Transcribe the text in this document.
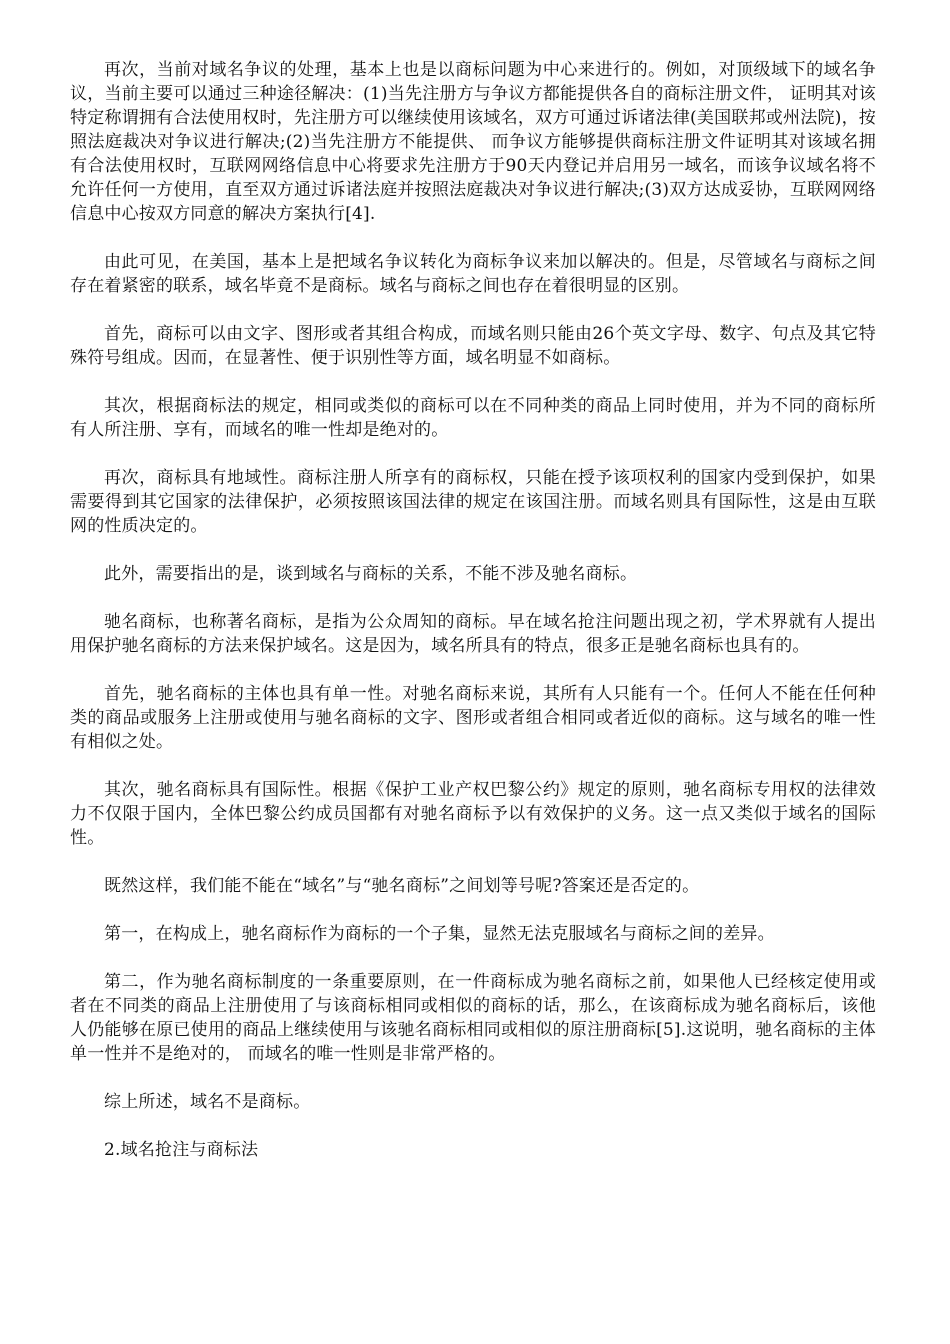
再次，当前对域名争议的处理，基本上也是以商标问题为中心来进行的。例如，对顶级域下的域名争议，当前主要可以通过三种途径解决：(1)当先注册方与争议方都能提供各自的商标注册文件， 证明其对该特定称谓拥有合法使用权时，先注册方可以继续使用该域名，双方可通过诉诸法律(美国联邦或州法院)，按照法庭裁决对争议进行解决;(2)当先注册方不能提供、 而争议方能够提供商标注册文件证明其对该域名拥有合法使用权时，互联网网络信息中心将要求先注册方于90天内登记并启用另一域名，而该争议域名将不允许任何一方使用，直至双方通过诉诸法庭并按照法庭裁决对争议进行解决;(3)双方达成妥协，互联网网络信息中心按双方同意的解决方案执行[4].

由此可见，在美国，基本上是把域名争议转化为商标争议来加以解决的。但是，尽管域名与商标之间存在着紧密的联系，域名毕竟不是商标。域名与商标之间也存在着很明显的区别。

首先，商标可以由文字、图形或者其组合构成，而域名则只能由26个英文字母、数字、句点及其它特殊符号组成。因而，在显著性、便于识别性等方面，域名明显不如商标。

其次，根据商标法的规定，相同或类似的商标可以在不同种类的商品上同时使用，并为不同的商标所有人所注册、享有，而域名的唯一性却是绝对的。

再次，商标具有地域性。商标注册人所享有的商标权，只能在授予该项权利的国家内受到保护，如果需要得到其它国家的法律保护，必须按照该国法律的规定在该国注册。而域名则具有国际性，这是由互联网的性质决定的。

此外，需要指出的是，谈到域名与商标的关系，不能不涉及驰名商标。

驰名商标，也称著名商标，是指为公众周知的商标。早在域名抢注问题出现之初，学术界就有人提出用保护驰名商标的方法来保护域名。这是因为，域名所具有的特点，很多正是驰名商标也具有的。

首先，驰名商标的主体也具有单一性。对驰名商标来说，其所有人只能有一个。任何人不能在任何种类的商品或服务上注册或使用与驰名商标的文字、图形或者组合相同或者近似的商标。这与域名的唯一性有相似之处。

其次，驰名商标具有国际性。根据《保护工业产权巴黎公约》规定的原则，驰名商标专用权的法律效力不仅限于国内，全体巴黎公约成员国都有对驰名商标予以有效保护的义务。这一点又类似于域名的国际性。

既然这样，我们能不能在“域名”与“驰名商标”之间划等号呢?答案还是否定的。

第一，在构成上，驰名商标作为商标的一个子集，显然无法克服域名与商标之间的差异。

第二，作为驰名商标制度的一条重要原则，在一件商标成为驰名商标之前，如果他人已经核定使用或者在不同类的商品上注册使用了与该商标相同或相似的商标的话，那么，在该商标成为驰名商标后，该他人仍能够在原已使用的商品上继续使用与该驰名商标相同或相似的原注册商标[5].这说明，驰名商标的主体单一性并不是绝对的， 而域名的唯一性则是非常严格的。

综上所述，域名不是商标。

2.域名抢注与商标法
